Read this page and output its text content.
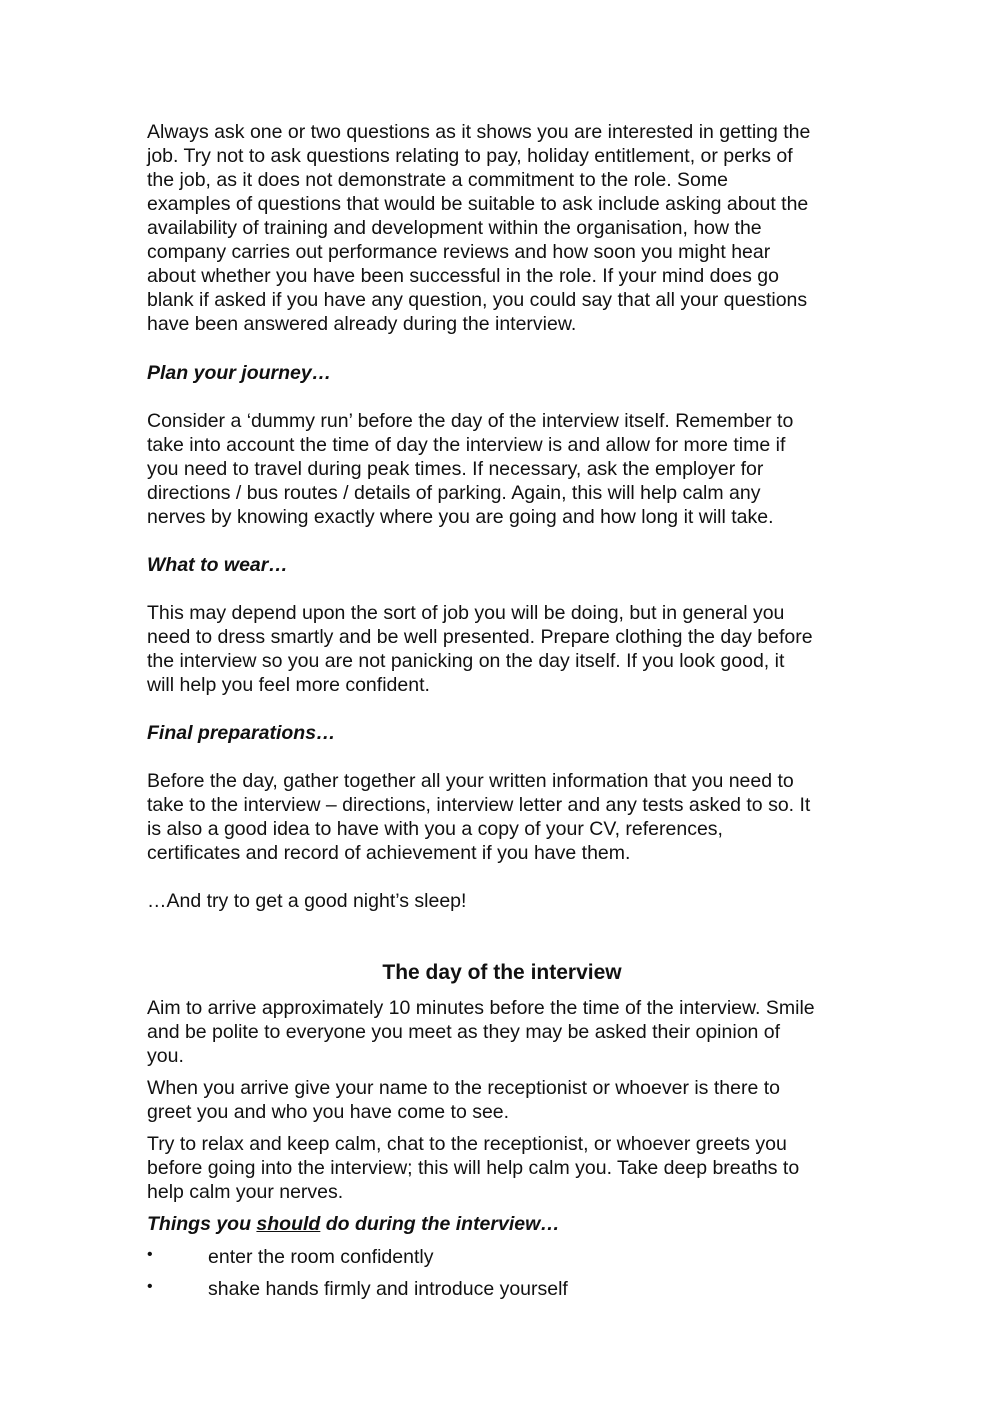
Always ask one or two questions as it shows you are interested in getting the
job. Try not to ask questions relating to pay, holiday entitlement, or perks of
the job, as it does not demonstrate a commitment to the role. Some
examples of questions that would be suitable to ask include asking about the
availability of training and development within the organisation, how the
company carries out performance reviews and how soon you might hear
about whether you have been successful in the role. If your mind does go
blank if asked if you have any question, you could say that all your questions
have been answered already during the interview.
Plan your journey…
Consider a ‘dummy run’ before the day of the interview itself. Remember to
take into account the time of day the interview is and allow for more time if
you need to travel during peak times. If necessary, ask the employer for
directions / bus routes / details of parking. Again, this will help calm any
nerves by knowing exactly where you are going and how long it will take.
What to wear…
This may depend upon the sort of job you will be doing, but in general you
need to dress smartly and be well presented. Prepare clothing the day before
the interview so you are not panicking on the day itself. If you look good, it
will help you feel more confident.
Final preparations…
Before the day, gather together all your written information that you need to
take to the interview – directions, interview letter and any tests asked to so. It
is also a good idea to have with you a copy of your CV, references,
certificates and record of achievement if you have them.
…And try to get a good night’s sleep!
The day of the interview
Aim to arrive approximately 10 minutes before the time of the interview. Smile
and be polite to everyone you meet as they may be asked their opinion of
you.
When you arrive give your name to the receptionist or whoever is there to
greet you and who you have come to see.
Try to relax and keep calm, chat to the receptionist, or whoever greets you
before going into the interview; this will help calm you. Take deep breaths to
help calm your nerves.
Things you should do during the interview…
•	enter the room confidently
•	shake hands firmly and introduce yourself
